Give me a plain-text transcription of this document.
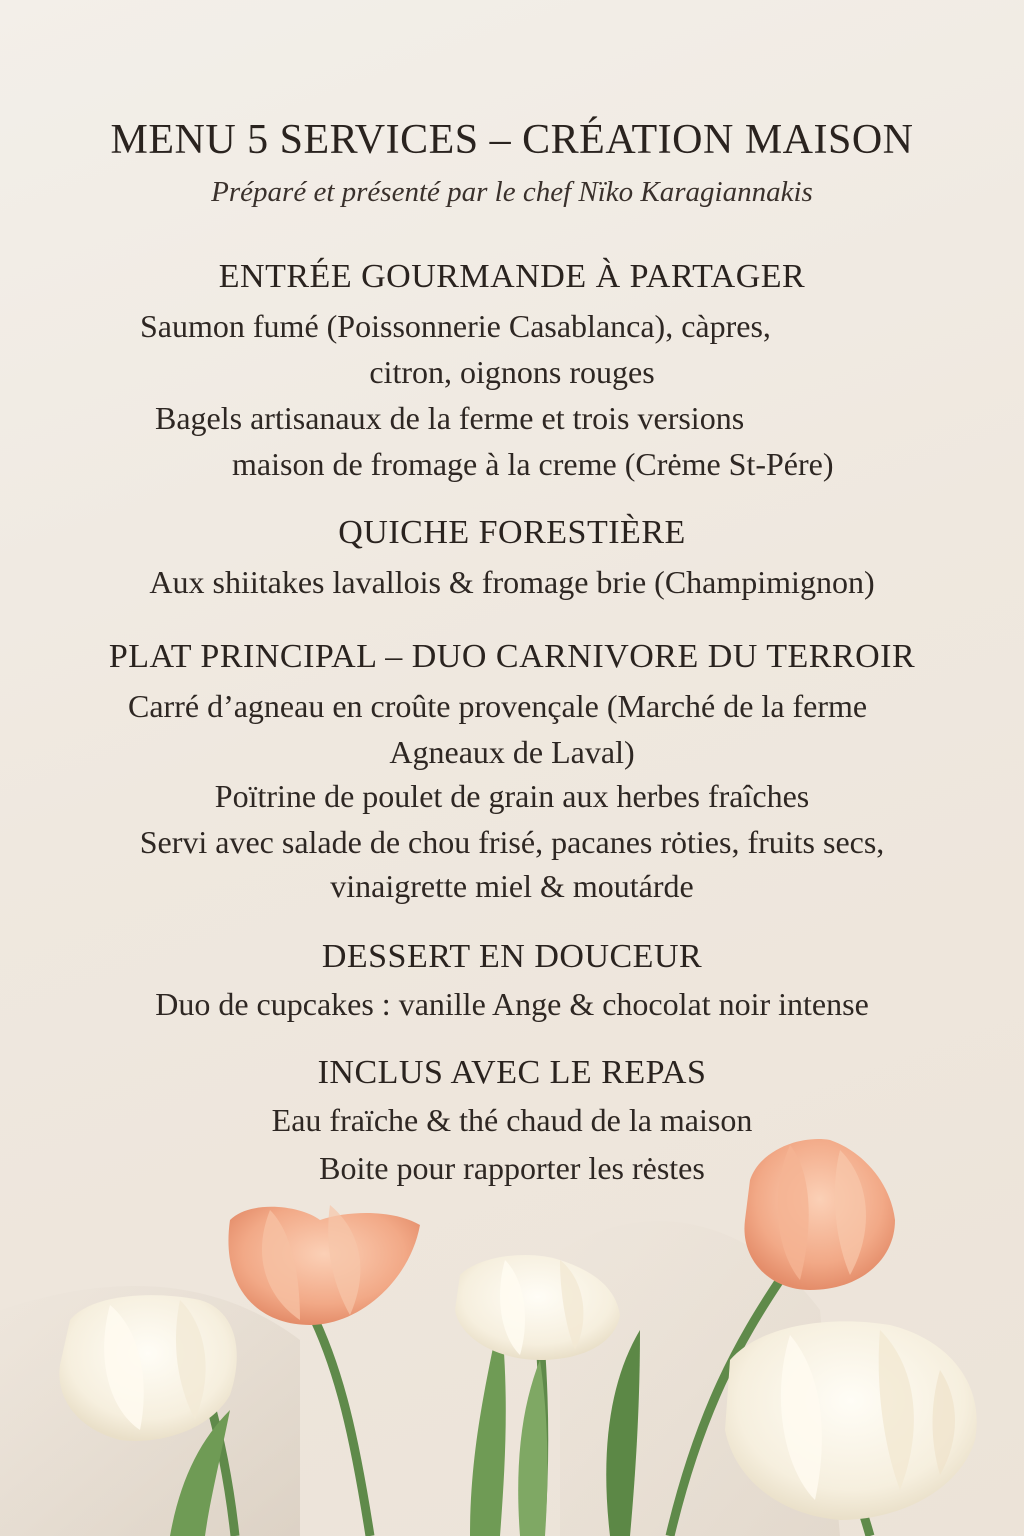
MENU 5 SERVICES – CRÉATION MAISON
Préparé et présenté par le chef Nïko Karagiannakis
ENTRÉE GOURMANDE À PARTAGER
Saumon fumé (Poissonnerie Casablanca), càpres,
citron, oignons rouges
Bagels artisanaux de la ferme et trois versions
maison de fromage à la creme (Crėme St-Pére)
QUICHE FORESTIÈRE
Aux shiitakes lavallois & fromage brie (Champimignon)
PLAT PRINCIPAL – DUO CARNIVORE DU TERROIR
Carré d’agneau en croûte provençale (Marché de la ferme
Agneaux de Laval)
Poïtrine de poulet de grain aux herbes fraîches
Servi avec salade de chou frisé, pacanes rȯties, fruits secs,
vinaigrette miel & moutárde
DESSERT EN DOUCEUR
Duo de cupcakes : vanille Ange & chocolat noir intense
INCLUS AVEC LE REPAS
Eau fraïche & thé chaud de la maison
Boite pour rapporter les rėstes
